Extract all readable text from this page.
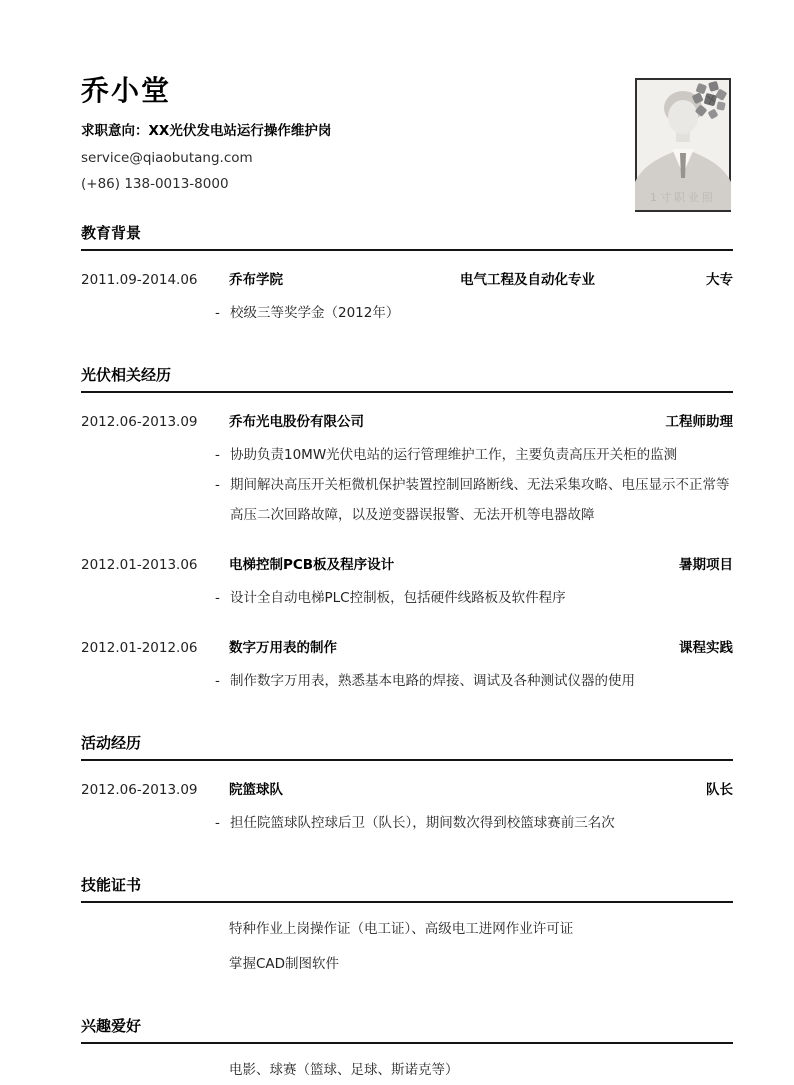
乔小堂
求职意向：XX光伏发电站运行操作维护岗
service@qiaobutang.com
(+86) 138-0013-8000
1寸职业照
教育背景
2011.09-2014.06	乔布学院	电气工程及自动化专业	大专
- 校级三等奖学金（2012年）
光伏相关经历
2012.06-2013.09	乔布光电股份有限公司	工程师助理
- 协助负责10MW光伏电站的运行管理维护工作，主要负责高压开关柜的监测
- 期间解决高压开关柜微机保护装置控制回路断线、无法采集攻略、电压显示不正常等高压二次回路故障，以及逆变器误报警、无法开机等电器故障
2012.01-2013.06	电梯控制PCB板及程序设计	暑期项目
- 设计全自动电梯PLC控制板，包括硬件线路板及软件程序
2012.01-2012.06	数字万用表的制作	课程实践
- 制作数字万用表，熟悉基本电路的焊接、调试及各种测试仪器的使用
活动经历
2012.06-2013.09	院篮球队	队长
- 担任院篮球队控球后卫（队长），期间数次得到校篮球赛前三名次
技能证书
特种作业上岗操作证（电工证）、高级电工进网作业许可证
掌握CAD制图软件
兴趣爱好
电影、球赛（篮球、足球、斯诺克等）
